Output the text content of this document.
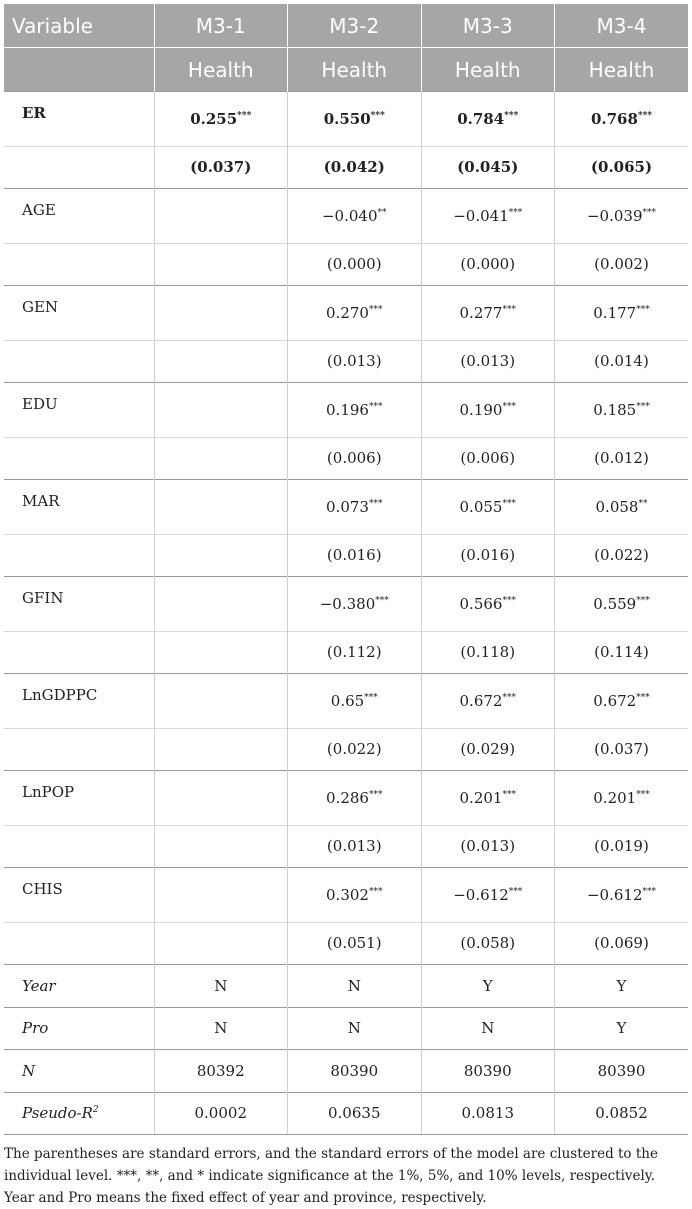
Variable	M3-1	M3-2	M3-3	M3-4
	Health	Health	Health	Health
ER	0.255***	0.550***	0.784***	0.768***
	(0.037)	(0.042)	(0.045)	(0.065)
AGE		−0.040**	−0.041***	−0.039***
		(0.000)	(0.000)	(0.002)
GEN		0.270***	0.277***	0.177***
		(0.013)	(0.013)	(0.014)
EDU		0.196***	0.190***	0.185***
		(0.006)	(0.006)	(0.012)
MAR		0.073***	0.055***	0.058**
		(0.016)	(0.016)	(0.022)
GFIN		−0.380***	0.566***	0.559***
		(0.112)	(0.118)	(0.114)
LnGDPPC		0.65***	0.672***	0.672***
		(0.022)	(0.029)	(0.037)
LnPOP		0.286***	0.201***	0.201***
		(0.013)	(0.013)	(0.019)
CHIS		0.302***	−0.612***	−0.612***
		(0.051)	(0.058)	(0.069)
Year	N	N	Y	Y
Pro	N	N	N	Y
N	80392	80390	80390	80390
Pseudo-$R^2$	0.0002	0.0635	0.0813	0.0852
The parentheses are standard errors, and the standard errors of the model are clustered to the individual level. ***, **, and * indicate significance at the 1%, 5%, and 10% levels, respectively. Year and Pro means the fixed effect of year and province, respectively.
